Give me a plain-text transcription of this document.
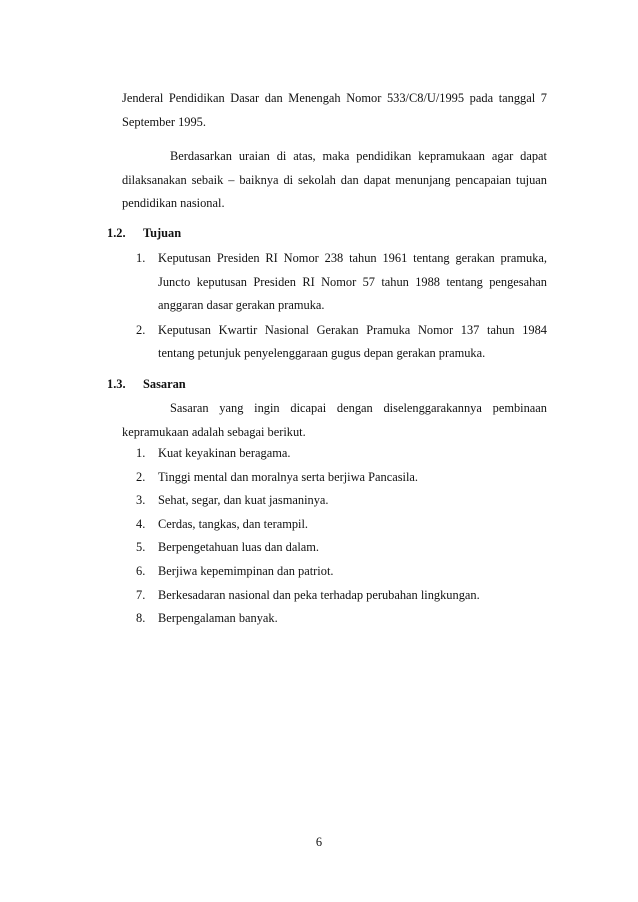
Jenderal Pendidikan Dasar dan Menengah Nomor 533/C8/U/1995 pada tanggal 7 September 1995.

Berdasarkan uraian di atas, maka pendidikan kepramukaan agar dapat dilaksanakan sebaik – baiknya di sekolah dan dapat menunjang pencapaian tujuan pendidikan nasional.

1.2. Tujuan
1. Keputusan Presiden RI Nomor 238 tahun 1961 tentang gerakan pramuka, Juncto keputusan Presiden RI Nomor 57 tahun 1988 tentang pengesahan anggaran dasar gerakan pramuka.
2. Keputusan Kwartir Nasional Gerakan Pramuka Nomor 137 tahun 1984 tentang petunjuk penyelenggaraan gugus depan gerakan pramuka.
1.3. Sasaran

Sasaran yang ingin dicapai dengan diselenggarakannya pembinaan kepramukaan adalah sebagai berikut.

1. Kuat keyakinan beragama.
2. Tinggi mental dan moralnya serta berjiwa Pancasila.
3. Sehat, segar, dan kuat jasmaninya.
4. Cerdas, tangkas, dan terampil.
5. Berpengetahuan luas dan dalam.
6. Berjiwa kepemimpinan dan patriot.
7. Berkesadaran nasional dan peka terhadap perubahan lingkungan.
8. Berpengalaman banyak.
6
